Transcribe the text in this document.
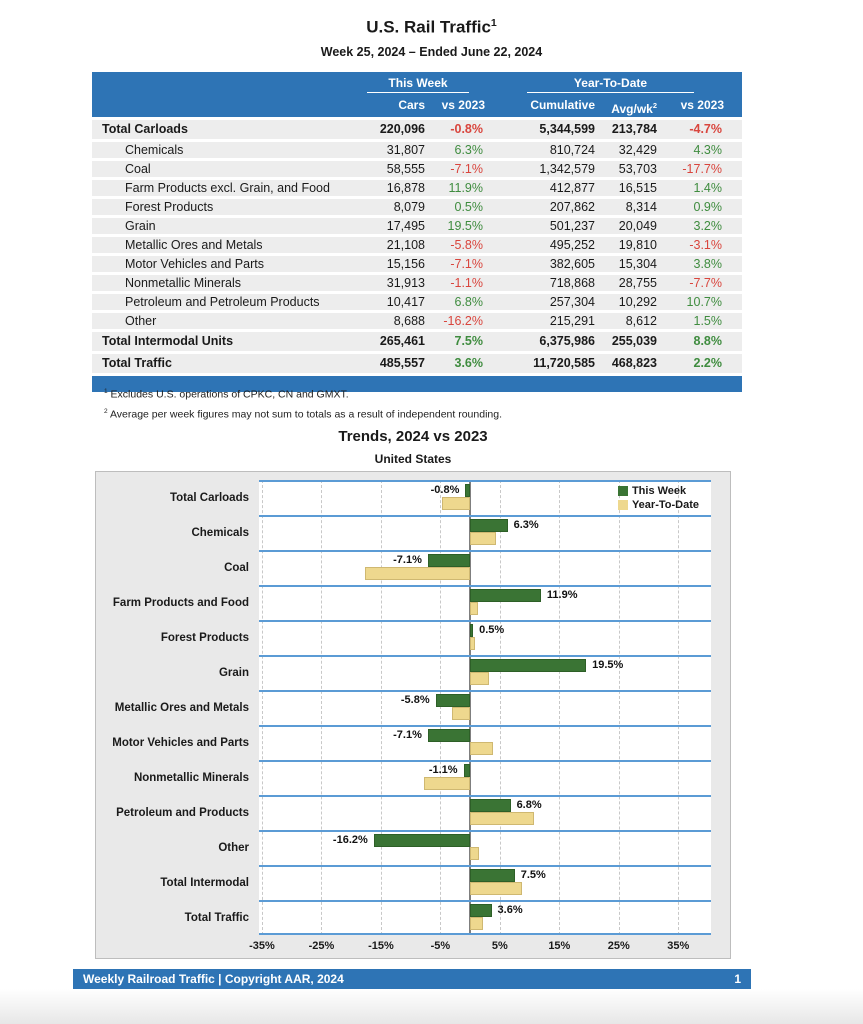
U.S. Rail Traffic$^1$
Week 25, 2024 – Ended June 22, 2024
This Week	Year-To-Date
Cars	vs 2023	Cumulative	Avg/$wk^2$	vs 2023
Total Carloads	220,096	-0.8%	5,344,599	213,784	-4.7%
Chemicals	31,807	6.3%	810,724	32,429	4.3%
Coal	58,555	-7.1%	1,342,579	53,703	-17.7%
Farm Products excl. Grain, and Food	16,878	11.9%	412,877	16,515	1.4%
Forest Products	8,079	0.5%	207,862	8,314	0.9%
Grain	17,495	19.5%	501,237	20,049	3.2%
Metallic Ores and Metals	21,108	-5.8%	495,252	19,810	-3.1%
Motor Vehicles and Parts	15,156	-7.1%	382,605	15,304	3.8%
Nonmetallic Minerals	31,913	-1.1%	718,868	28,755	-7.7%
Petroleum and Petroleum Products	10,417	6.8%	257,304	10,292	10.7%
Other	8,688	-16.2%	215,291	8,612	1.5%
Total Intermodal Units	265,461	7.5%	6,375,986	255,039	8.8%
Total Traffic	485,557	3.6%	11,720,585	468,823	2.2%
$^1$ Excludes U.S. operations of CPKC, CN and GMXT.
$^2$ Average per week figures may not sum to totals as a result of independent rounding.
Trends, 2024 vs 2023
United States
Total Carloads
Chemicals
Coal
Farm Products and Food
Forest Products
Grain
Metallic Ores and Metals
Motor Vehicles and Parts
Nonmetallic Minerals
Petroleum and Products
Other
Total Intermodal
Total Traffic
This Week
Year-To-Date
-0.8%
6.3%
-7.1%
11.9%
0.5%
19.5%
-5.8%
-7.1%
-1.1%
6.8%
-16.2%
7.5%
3.6%
-35%	-25%	-15%	-5%	5%	15%	25%	35%
Weekly Railroad Traffic | Copyright AAR, 2024	1
